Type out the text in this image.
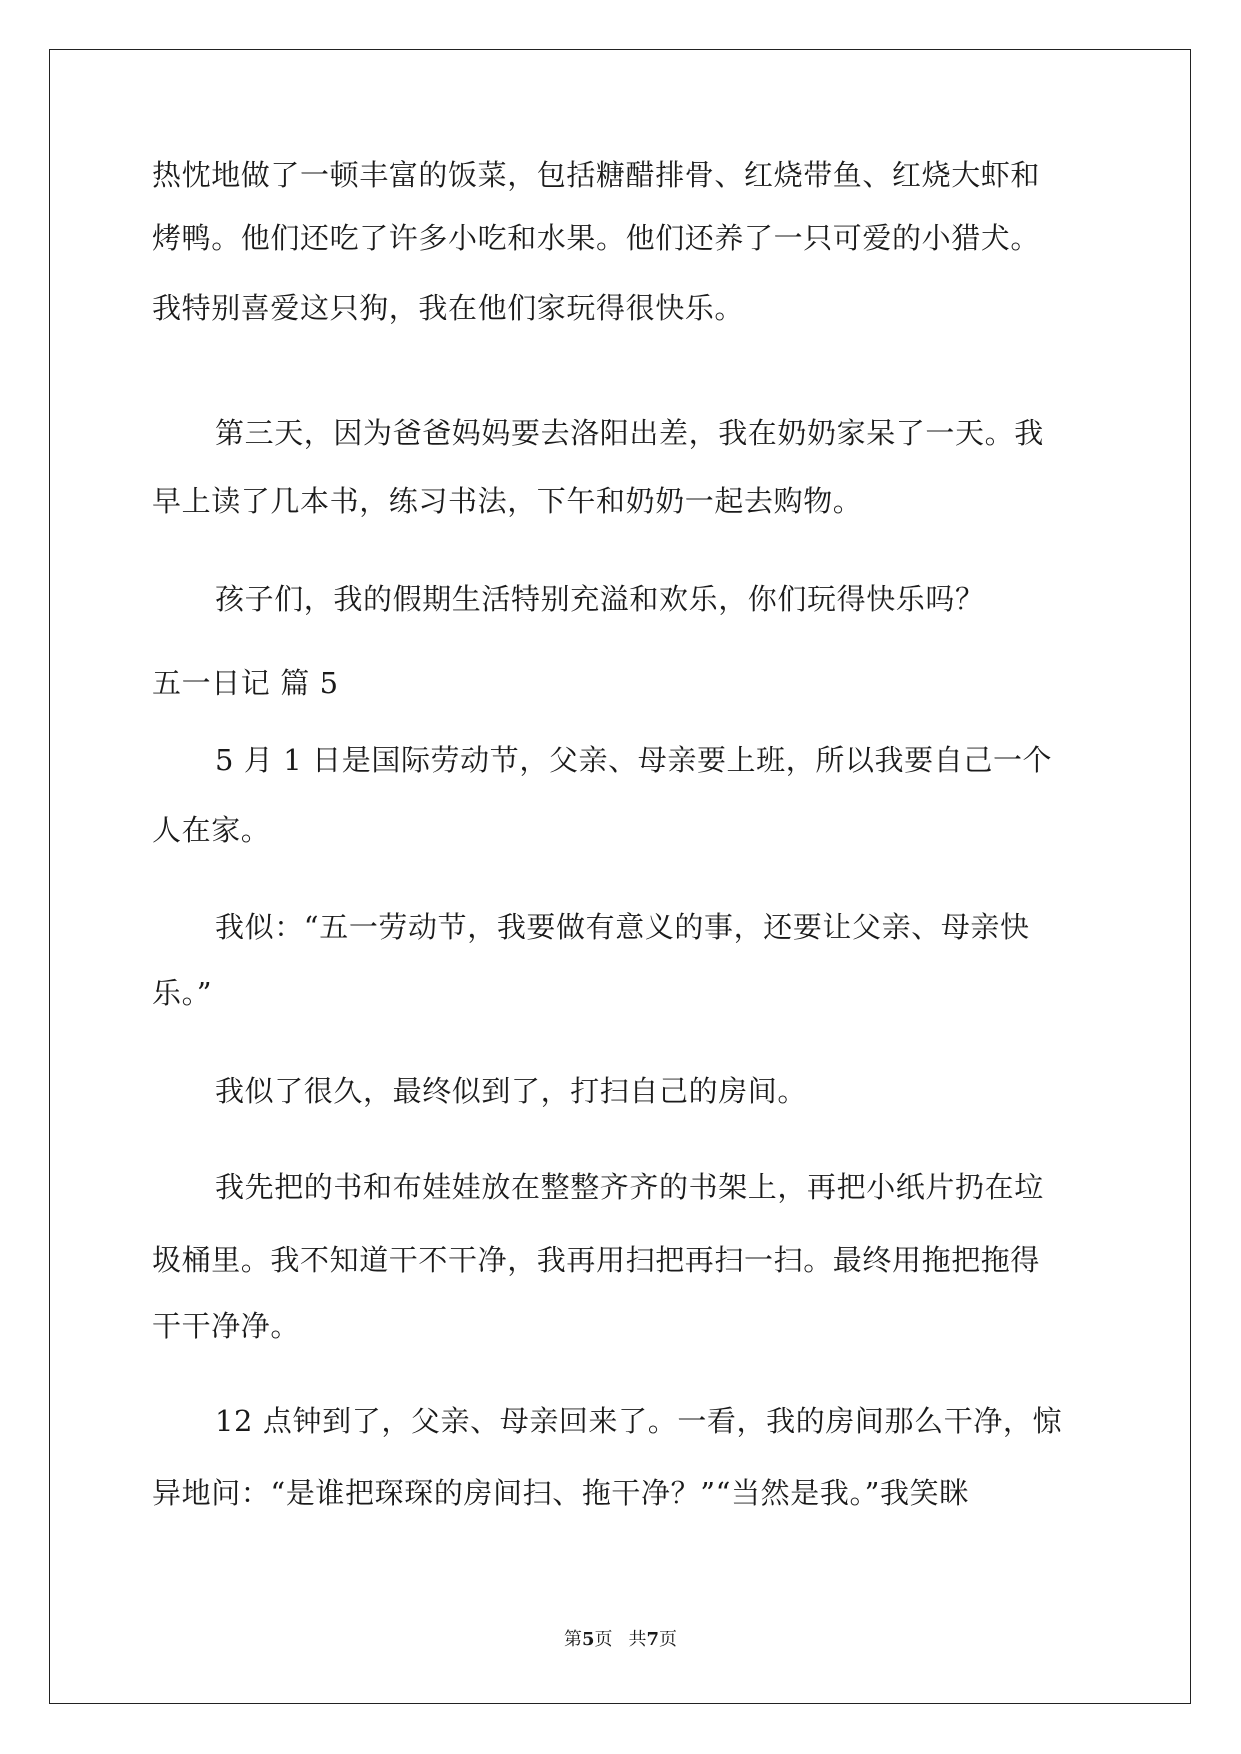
热忱地做了一顿丰富的饭菜，包括糖醋排骨、红烧带鱼、红烧大虾和
烤鸭。他们还吃了许多小吃和水果。他们还养了一只可爱的小猎犬。
我特别喜爱这只狗，我在他们家玩得很快乐。
第三天，因为爸爸妈妈要去洛阳出差，我在奶奶家呆了一天。我
早上读了几本书，练习书法，下午和奶奶一起去购物。
孩子们，我的假期生活特别充溢和欢乐，你们玩得快乐吗？
五一日记 篇 5
5 月 1 日是国际劳动节，父亲、母亲要上班，所以我要自己一个
人在家。
我似：“五一劳动节，我要做有意义的事，还要让父亲、母亲快
乐。”
我似了很久，最终似到了，打扫自己的房间。
我先把的书和布娃娃放在整整齐齐的书架上，再把小纸片扔在垃
圾桶里。我不知道干不干净，我再用扫把再扫一扫。最终用拖把拖得
干干净净。
12 点钟到了，父亲、母亲回来了。一看，我的房间那么干净，惊
异地问：“是谁把琛琛的房间扫、拖干净？”“当然是我。”我笑眯
第5页 共7页
